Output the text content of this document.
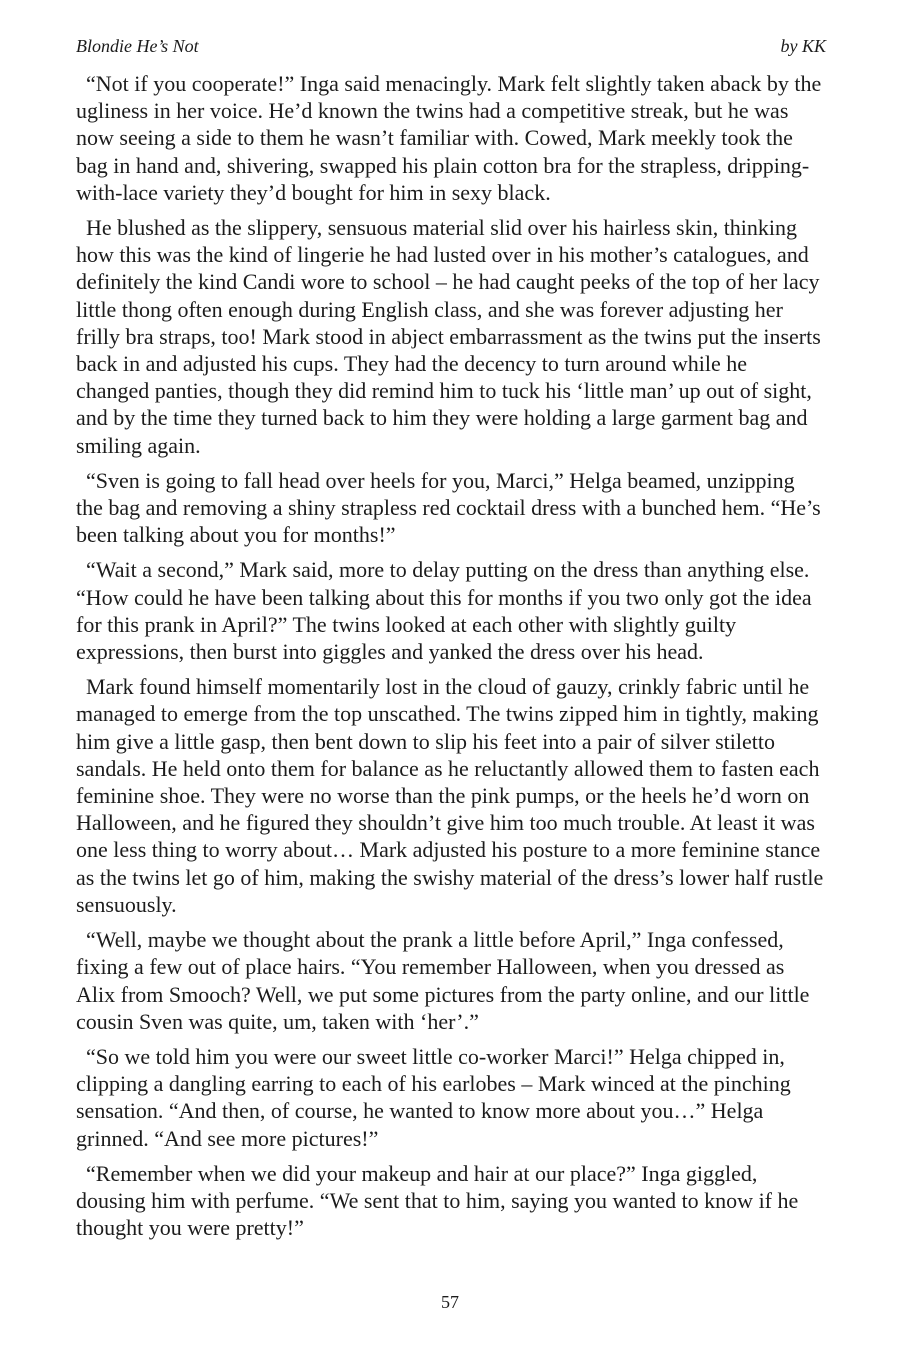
Blondie He’s Not	by KK

“Not if you cooperate!” Inga said menacingly. Mark felt slightly taken aback by the ugliness in her voice. He’d known the twins had a competitive streak, but he was now seeing a side to them he wasn’t familiar with. Cowed, Mark meekly took the bag in hand and, shivering, swapped his plain cotton bra for the strapless, dripping-with-lace variety they’d bought for him in sexy black.

He blushed as the slippery, sensuous material slid over his hairless skin, thinking how this was the kind of lingerie he had lusted over in his mother’s catalogues, and definitely the kind Candi wore to school – he had caught peeks of the top of her lacy little thong often enough during English class, and she was forever adjusting her frilly bra straps, too! Mark stood in abject embarrassment as the twins put the inserts back in and adjusted his cups. They had the decency to turn around while he changed panties, though they did remind him to tuck his ‘little man’ up out of sight, and by the time they turned back to him they were holding a large garment bag and smiling again.

“Sven is going to fall head over heels for you, Marci,” Helga beamed, unzipping the bag and removing a shiny strapless red cocktail dress with a bunched hem. “He’s been talking about you for months!”

“Wait a second,” Mark said, more to delay putting on the dress than anything else. “How could he have been talking about this for months if you two only got the idea for this prank in April?” The twins looked at each other with slightly guilty expressions, then burst into giggles and yanked the dress over his head.

Mark found himself momentarily lost in the cloud of gauzy, crinkly fabric until he managed to emerge from the top unscathed. The twins zipped him in tightly, making him give a little gasp, then bent down to slip his feet into a pair of silver stiletto sandals. He held onto them for balance as he reluctantly allowed them to fasten each feminine shoe. They were no worse than the pink pumps, or the heels he’d worn on Halloween, and he figured they shouldn’t give him too much trouble. At least it was one less thing to worry about… Mark adjusted his posture to a more feminine stance as the twins let go of him, making the swishy material of the dress’s lower half rustle sensuously.

“Well, maybe we thought about the prank a little before April,” Inga confessed, fixing a few out of place hairs. “You remember Halloween, when you dressed as Alix from Smooch? Well, we put some pictures from the party online, and our little cousin Sven was quite, um, taken with ‘her’.”

“So we told him you were our sweet little co-worker Marci!” Helga chipped in, clipping a dangling earring to each of his earlobes – Mark winced at the pinching sensation. “And then, of course, he wanted to know more about you…” Helga grinned. “And see more pictures!”

“Remember when we did your makeup and hair at our place?” Inga giggled, dousing him with perfume. “We sent that to him, saying you wanted to know if he thought you were pretty!”

57
